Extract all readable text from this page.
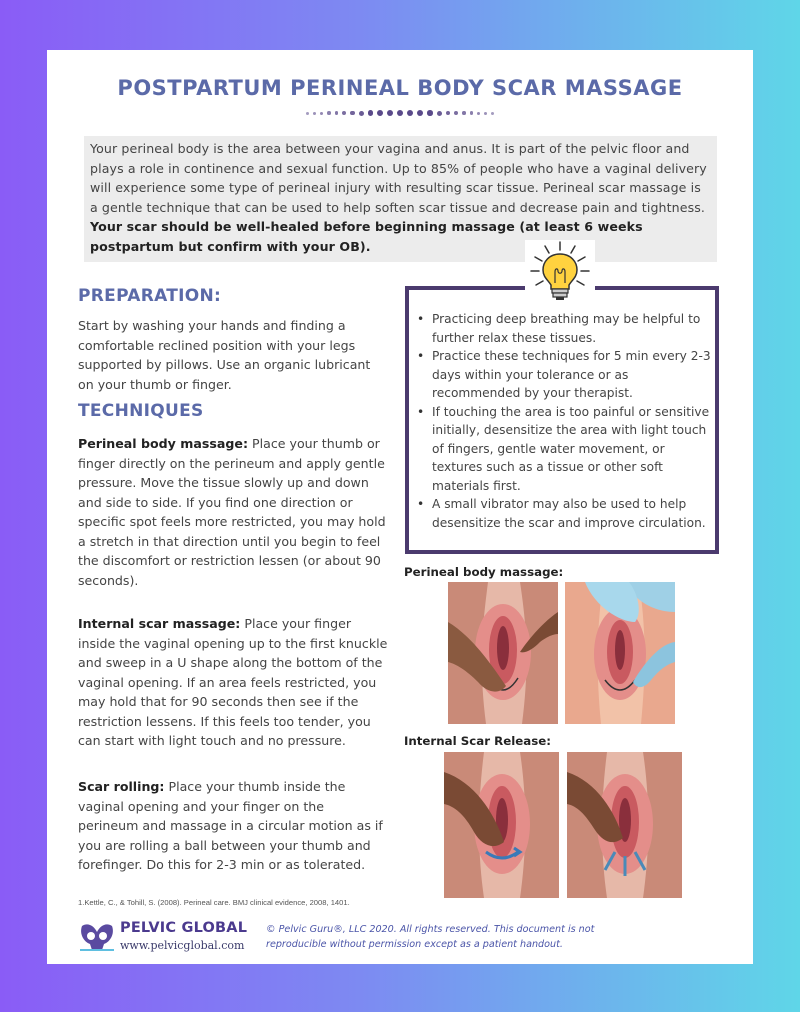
POSTPARTUM PERINEAL BODY SCAR MASSAGE
Your perineal body is the area between your vagina and anus. It is part of the pelvic floor and plays a role in continence and sexual function. Up to 85% of people who have a vaginal delivery will experience some type of perineal injury with resulting scar tissue. Perineal scar massage is a gentle technique that can be used to help soften scar tissue and decrease pain and tightness. Your scar should be well-healed before beginning massage (at least 6 weeks postpartum but confirm with your OB).
PREPARATION:
Start by washing your hands and finding a comfortable reclined position with your legs supported by pillows. Use an organic lubricant on your thumb or finger.
TECHNIQUES
Perineal body massage: Place your thumb or finger directly on the perineum and apply gentle pressure. Move the tissue slowly up and down and side to side. If you find one direction or specific spot feels more restricted, you may hold a stretch in that direction until you begin to feel the discomfort or restriction lessen (or about 90 seconds).
Internal scar massage: Place your finger inside the vaginal opening up to the first knuckle and sweep in a U shape along the bottom of the vaginal opening. If an area feels restricted, you may hold that for 90 seconds then see if the restriction lessens. If this feels too tender, you can start with light touch and no pressure.
Scar rolling: Place your thumb inside the vaginal opening and your finger on the perineum and massage in a circular motion as if you are rolling a ball between your thumb and forefinger. Do this for 2-3 min or as tolerated.
• Practicing deep breathing may be helpful to further relax these tissues.
• Practice these techniques for 5 min every 2-3 days within your tolerance or as recommended by your therapist.
• If touching the area is too painful or sensitive initially, desensitize the area with light touch of fingers, gentle water movement, or textures such as a tissue or other soft materials first.
• A small vibrator may also be used to help desensitize the scar and improve circulation.
Perineal body massage:
Internal Scar Release:
1.Kettle, C., & Tohill, S. (2008). Perineal care. BMJ clinical evidence, 2008, 1401.
PELVIC GLOBAL
www.pelvicglobal.com
© Pelvic Guru®, LLC 2020. All rights reserved. This document is not reproducible without permission except as a patient handout.
